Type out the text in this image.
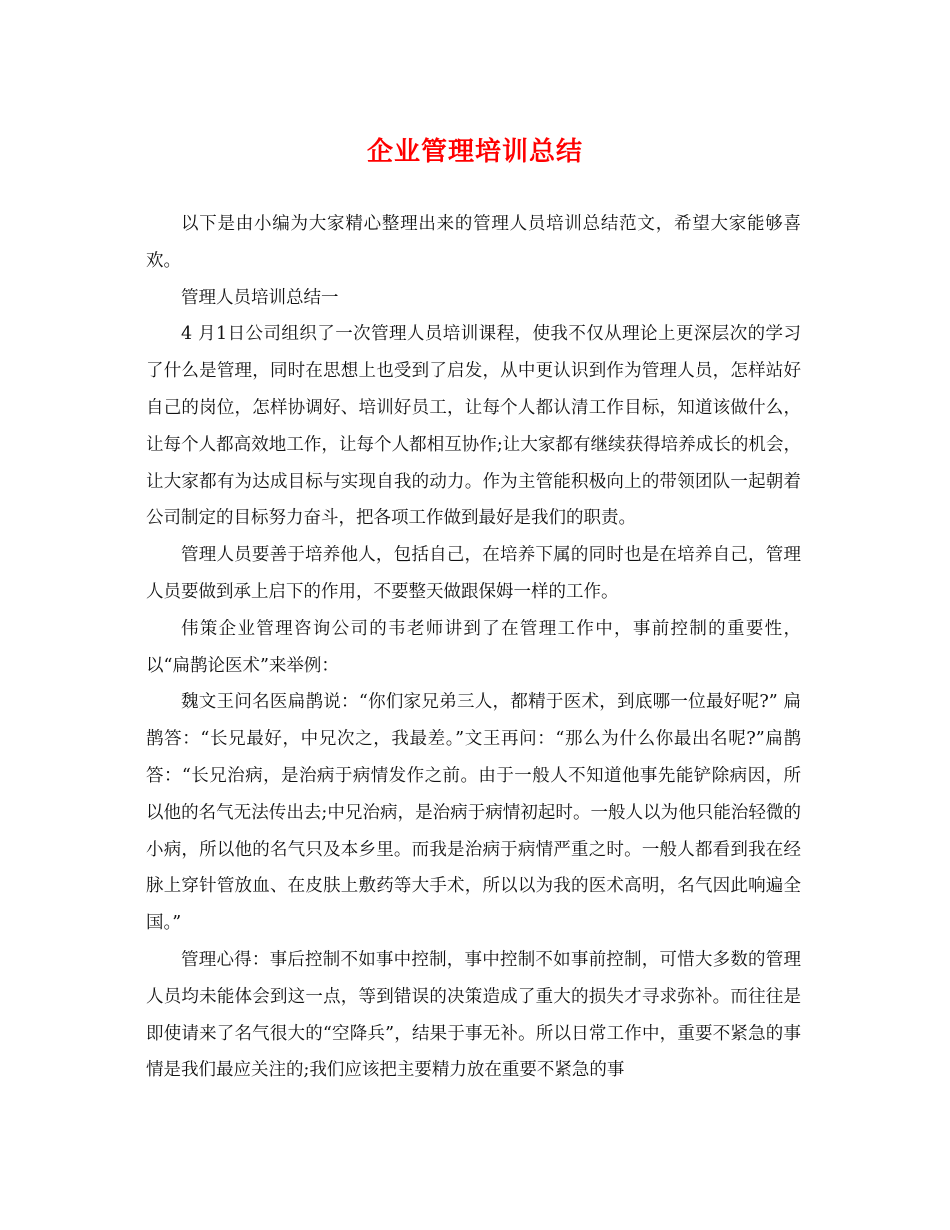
企业管理培训总结

以下是由小编为大家精心整理出来的管理人员培训总结范文，希望大家能够喜欢。

管理人员培训总结一

4 月1日公司组织了一次管理人员培训课程，使我不仅从理论上更深层次的学习了什么是管理，同时在思想上也受到了启发，从中更认识到作为管理人员，怎样站好自己的岗位，怎样协调好、培训好员工，让每个人都认清工作目标，知道该做什么，让每个人都高效地工作，让每个人都相互协作;让大家都有继续获得培养成长的机会，让大家都有为达成目标与实现自我的动力。作为主管能积极向上的带领团队一起朝着公司制定的目标努力奋斗，把各项工作做到最好是我们的职责。

管理人员要善于培养他人，包括自己，在培养下属的同时也是在培养自己，管理人员要做到承上启下的作用，不要整天做跟保姆一样的工作。

伟策企业管理咨询公司的韦老师讲到了在管理工作中，事前控制的重要性，以“扁鹊论医术”来举例：

魏文王问名医扁鹊说：“你们家兄弟三人，都精于医术，到底哪一位最好呢?” 扁鹊答：“长兄最好，中兄次之，我最差。”文王再问：“那么为什么你最出名呢?”扁鹊答：“长兄治病，是治病于病情发作之前。由于一般人不知道他事先能铲除病因，所以他的名气无法传出去;中兄治病，是治病于病情初起时。一般人以为他只能治轻微的小病，所以他的名气只及本乡里。而我是治病于病情严重之时。一般人都看到我在经脉上穿针管放血、在皮肤上敷药等大手术，所以以为我的医术高明，名气因此响遍全国。”

管理心得：事后控制不如事中控制，事中控制不如事前控制，可惜大多数的管理人员均未能体会到这一点，等到错误的决策造成了重大的损失才寻求弥补。而往往是即使请来了名气很大的“空降兵”，结果于事无补。所以日常工作中，重要不紧急的事情是我们最应关注的;我们应该把主要精力放在重要不紧急的事
